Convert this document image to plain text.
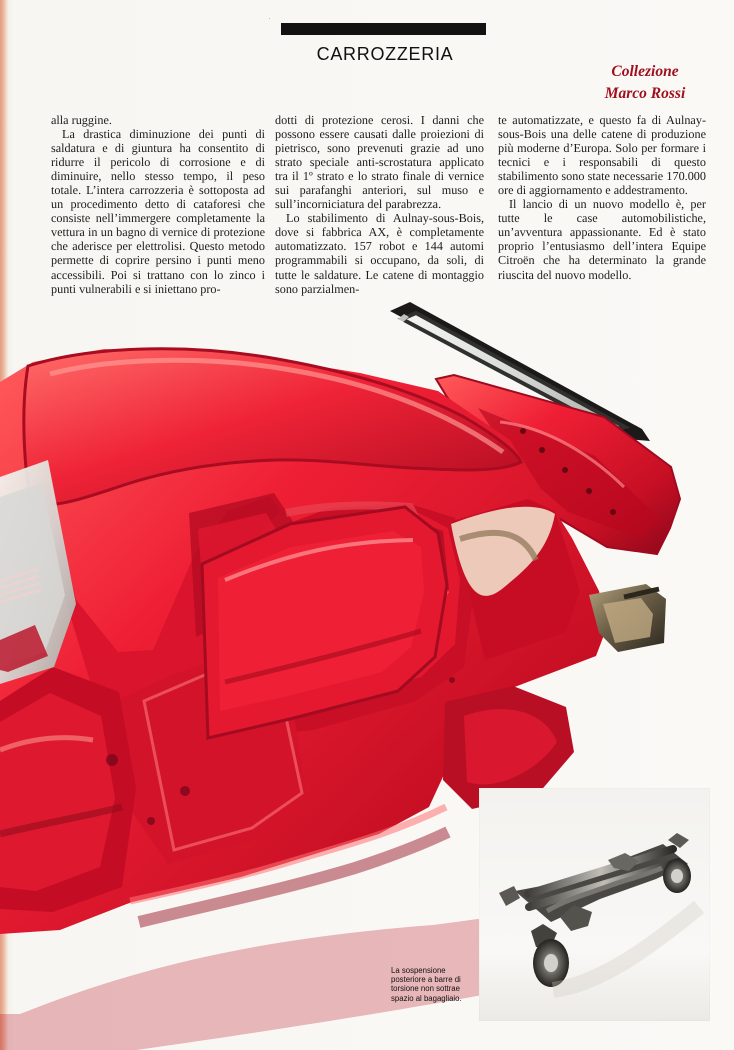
CARROZZERIA
Collezione
Marco Rossi

alla ruggine.

La drastica diminuzione dei punti di saldatura e di giuntura ha consentito di ridurre il pericolo di corrosione e di diminuire, nello stesso tempo, il peso totale. L’intera carrozzeria è sottoposta ad un procedimento detto di cataforesi che consiste nell’immergere completamente la vettura in un bagno di vernice di protezione che aderisce per elettrolisi. Questo metodo permette di coprire persino i punti meno accessibili. Poi si trattano con lo zinco i punti vulnerabili e si iniettano pro-

dotti di protezione cerosi. I danni che possono essere causati dalle proiezioni di pietrisco, sono prevenuti grazie ad uno strato speciale anti-scrostatura applicato tra il 1º strato e lo strato finale di vernice sui parafanghi anteriori, sul muso e sull’incorniciatura del parabrezza.

Lo stabilimento di Aulnay-sous-Bois, dove si fabbrica AX, è completamente automatizzato. 157 robot e 144 automi programmabili si occupano, da soli, di tutte le saldature. Le catene di montaggio sono parzialmen-

te automatizzate, e questo fa di Aulnay-sous-Bois una delle catene di produzione più moderne d’Europa. Solo per formare i tecnici e i responsabili di questo stabilimento sono state necessarie 170.000 ore di aggiornamento e addestramento.

Il lancio di un nuovo modello è, per tutte le case automobilistiche, un’avventura appassionante. Ed è stato proprio l’entusiasmo dell’intera Equipe Citroën che ha determinato la grande riuscita del nuovo modello.

La sospensione posteriore a barre di torsione non sottrae spazio al bagagliaio.
